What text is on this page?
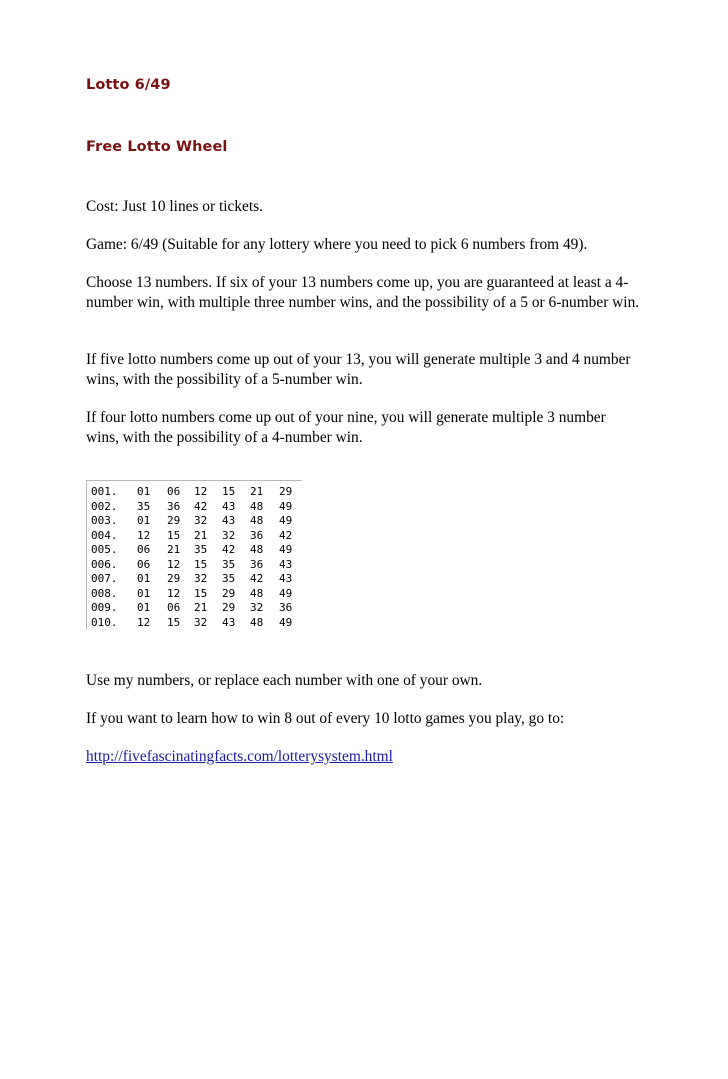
Lotto 6/49
Free Lotto Wheel

Cost: Just 10 lines or tickets.

Game: 6/49 (Suitable for any lottery where you need to pick 6 numbers from 49).

Choose 13 numbers. If six of your 13 numbers come up, you are guaranteed at least a 4-number win, with multiple three number wins, and the possibility of a 5 or 6-number win.

If five lotto numbers come up out of your 13, you will generate multiple 3 and 4 number wins, with the possibility of a 5-number win.

If four lotto numbers come up out of your nine, you will generate multiple 3 number wins, with the possibility of a 4-number win.

001. 01 06 12 15 21 29
002. 35 36 42 43 48 49
003. 01 29 32 43 48 49
004. 12 15 21 32 36 42
005. 06 21 35 42 48 49
006. 06 12 15 35 36 43
007. 01 29 32 35 42 43
008. 01 12 15 29 48 49
009. 01 06 21 29 32 36
010. 12 15 32 43 48 49

Use my numbers, or replace each number with one of your own.

If you want to learn how to win 8 out of every 10 lotto games you play, go to:

http://fivefascinatingfacts.com/lotterysystem.html
